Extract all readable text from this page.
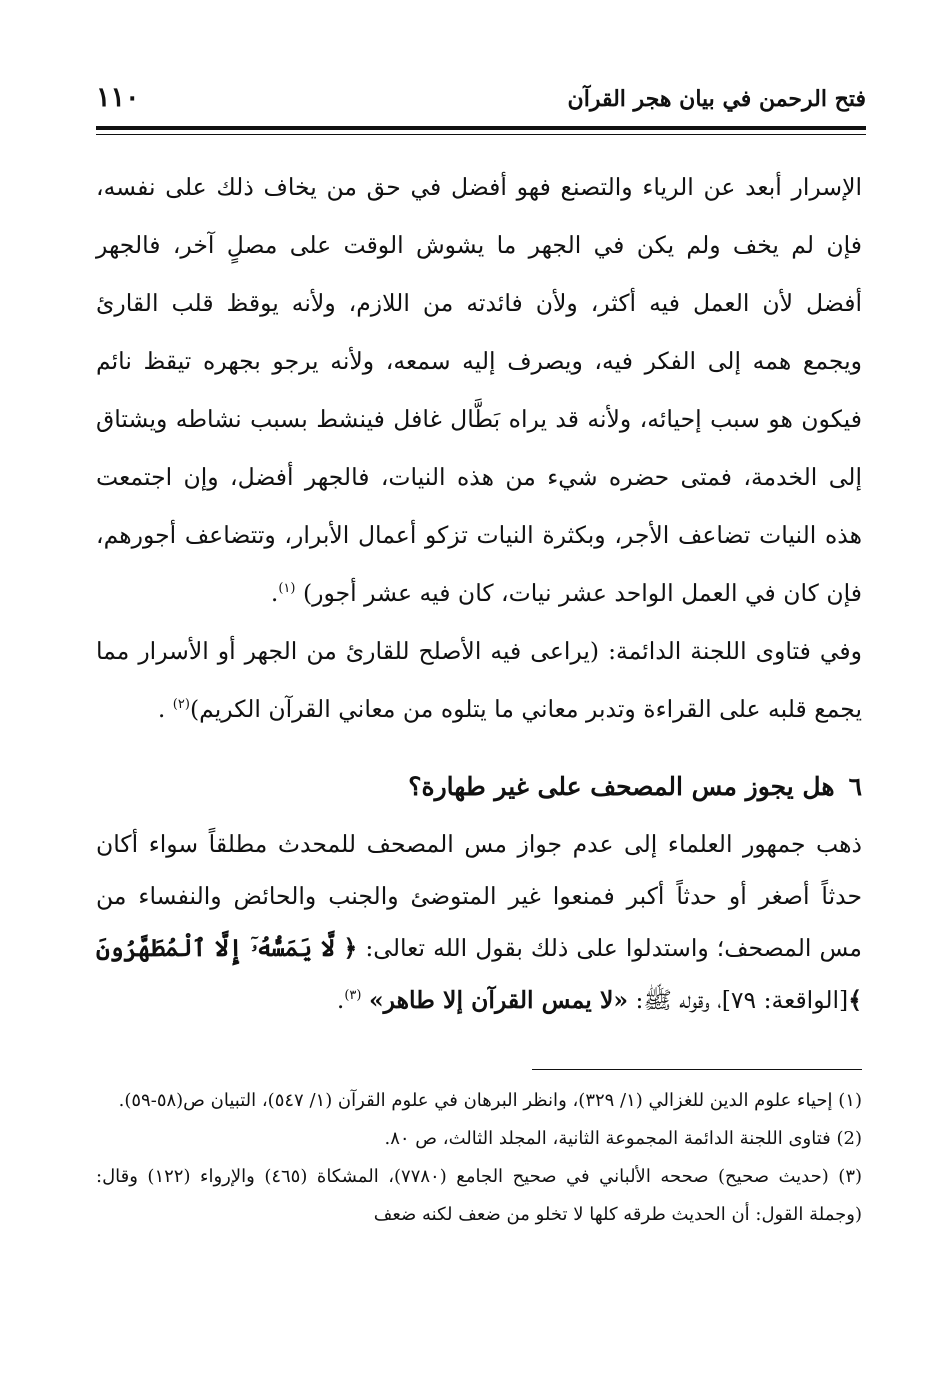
فتح الرحمن في بيان هجر القرآن
١١٠

الإسرار أبعد عن الرياء والتصنع فهو أفضل في حق من يخاف ذلك على نفسه، فإن لم يخف ولم يكن في الجهر ما يشوش الوقت على مصلٍ آخر، فالجهر أفضل لأن العمل فيه أكثر، ولأن فائدته من اللازم، ولأنه يوقظ قلب القارئ ويجمع همه إلى الفكر فيه، ويصرف إليه سمعه، ولأنه يرجو بجهره تيقظ نائم فيكون هو سبب إحيائه، ولأنه قد يراه بَطَّال غافل فينشط بسبب نشاطه ويشتاق إلى الخدمة، فمتى حضره شيء من هذه النيات، فالجهر أفضل، وإن اجتمعت هذه النيات تضاعف الأجر، وبكثرة النيات تزكو أعمال الأبرار، وتتضاعف أجورهم، فإن كان في العمل الواحد عشر نيات، كان فيه عشر أجور) $^{(١)}$.

وفي فتاوى اللجنة الدائمة: (يراعى فيه الأصلح للقارئ من الجهر أو الأسرار مما يجمع قلبه على القراءة وتدبر معاني ما يتلوه من معاني القرآن الكريم)$^{(٢)}$ .

٦هل يجوز مس المصحف على غير طهارة؟
ذهب جمهور العلماء إلى عدم جواز مس المصحف للمحدث مطلقاً سواء أكان حدثاً أصغر أو حدثاً أكبر فمنعوا غير المتوضئ والجنب والحائض والنفساء من مس المصحف؛ واستدلوا على ذلك بقول الله تعالى: ﴿ لَّا يَمَسُّهُۥٓ إِلَّا ٱلْمُطَهَّرُونَ ﴾[الواقعة: ٧٩]، وقوله ﷺ: «لا يمس القرآن إلا طاهر» $^{(٣)}$.

(١) إحياء علوم الدين للغزالي (١/ ٣٢٩)، وانظر البرهان في علوم القرآن (١/ ٥٤٧)، التبيان ص(٥٨-٥٩).

(2) فتاوى اللجنة الدائمة المجموعة الثانية، المجلد الثالث، ص ٨٠.

(٣) (حديث صحيح) صححه الألباني في صحيح الجامع (٧٧٨٠)، المشكاة (٤٦٥) والإرواء (١٢٢) وقال: (وجملة القول: أن الحديث طرقه كلها لا تخلو من ضعف لكنه ضعف
